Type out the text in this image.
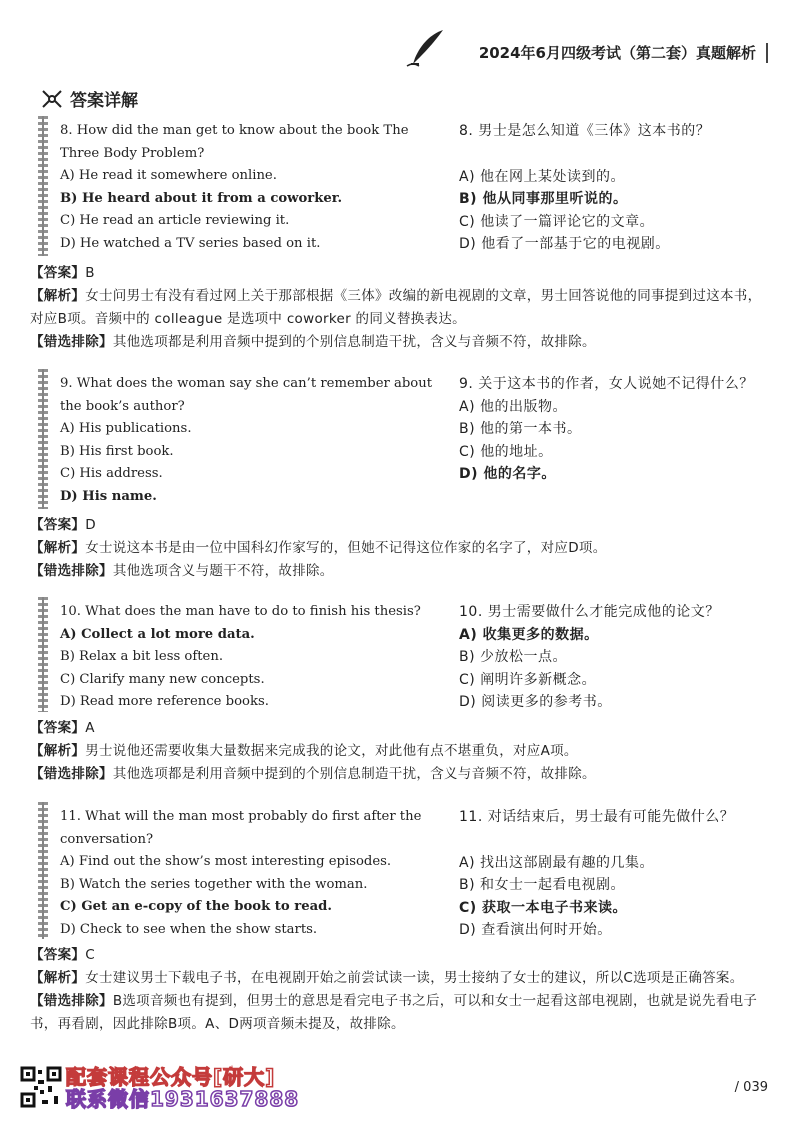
2024年6月四级考试（第二套）真题解析
答案详解
8. How did the man get to know about the book The Three Body Problem?
A) He read it somewhere online.
B) He heard about it from a coworker.
C) He read an article reviewing it.
D) He watched a TV series based on it.
8. 男士是怎么知道《三体》这本书的？
A) 他在网上某处读到的。
B) 他从同事那里听说的。
C) 他读了一篇评论它的文章。
D) 他看了一部基于它的电视剧。

【答案】B

【解析】女士问男士有没有看过网上关于那部根据《三体》改编的新电视剧的文章，男士回答说他的同事提到过这本书，对应B项。音频中的 colleague 是选项中 coworker 的同义替换表达。

【错选排除】其他选项都是利用音频中提到的个别信息制造干扰，含义与音频不符，故排除。

9. What does the woman say she can’t remember about the book’s author?
A) His publications.
B) His first book.
C) His address.
D) His name.
9. 关于这本书的作者，女人说她不记得什么？
A) 他的出版物。
B) 他的第一本书。
C) 他的地址。
D) 他的名字。

【答案】D

【解析】女士说这本书是由一位中国科幻作家写的，但她不记得这位作家的名字了，对应D项。

【错选排除】其他选项含义与题干不符，故排除。

10. What does the man have to do to finish his thesis?
A) Collect a lot more data.
B) Relax a bit less often.
C) Clarify many new concepts.
D) Read more reference books.
10. 男士需要做什么才能完成他的论文？
A) 收集更多的数据。
B) 少放松一点。
C) 阐明许多新概念。
D) 阅读更多的参考书。

【答案】A

【解析】男士说他还需要收集大量数据来完成我的论文，对此他有点不堪重负，对应A项。

【错选排除】其他选项都是利用音频中提到的个别信息制造干扰，含义与音频不符，故排除。

11. What will the man most probably do first after the conversation?
A) Find out the show’s most interesting episodes.
B) Watch the series together with the woman.
C) Get an e-copy of the book to read.
D) Check to see when the show starts.
11. 对话结束后，男士最有可能先做什么？
A) 找出这部剧最有趣的几集。
B) 和女士一起看电视剧。
C) 获取一本电子书来读。
D) 查看演出何时开始。

【答案】C

【解析】女士建议男士下载电子书，在电视剧开始之前尝试读一读，男士接纳了女士的建议，所以C选项是正确答案。

【错选排除】B选项音频也有提到，但男士的意思是看完电子书之后，可以和女士一起看这部电视剧，也就是说先看电子书，再看剧，因此排除B项。A、D两项音频未提及，故排除。

配套课程公众号[研大]
联系微信1931637888	/ 039
